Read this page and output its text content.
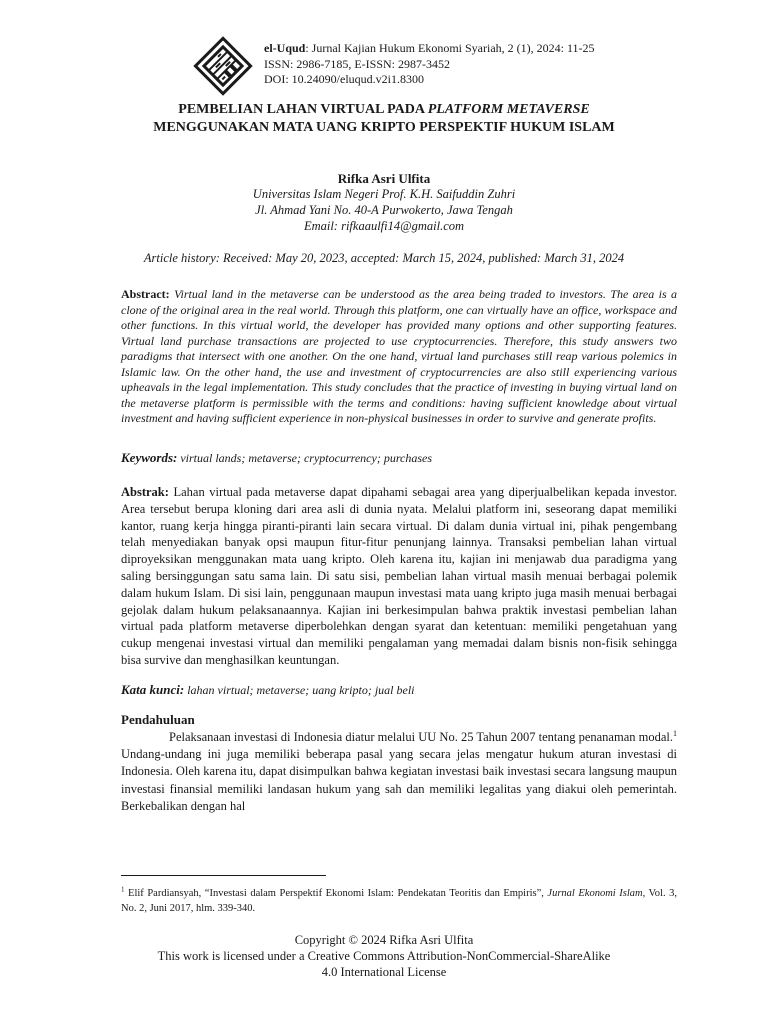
el-Uqud: Jurnal Kajian Hukum Ekonomi Syariah, 2 (1), 2024: 11-25
ISSN: 2986-7185, E-ISSN: 2987-3452
DOI: 10.24090/eluqud.v2i1.8300
PEMBELIAN LAHAN VIRTUAL PADA PLATFORM METAVERSE
MENGGUNAKAN MATA UANG KRIPTO PERSPEKTIF HUKUM ISLAM
Rifka Asri Ulfita
Universitas Islam Negeri Prof. K.H. Saifuddin Zuhri
Jl. Ahmad Yani No. 40-A Purwokerto, Jawa Tengah
Email: rifkaaulfi14@gmail.com
Article history: Received: May 20, 2023, accepted: March 15, 2024, published: March 31, 2024
Abstract: Virtual land in the metaverse can be understood as the area being traded to investors. The area is a clone of the original area in the real world. Through this platform, one can virtually have an office, workspace and other functions. In this virtual world, the developer has provided many options and other supporting features. Virtual land purchase transactions are projected to use cryptocurrencies. Therefore, this study answers two paradigms that intersect with one another. On the one hand, virtual land purchases still reap various polemics in Islamic law. On the other hand, the use and investment of cryptocurrencies are also still experiencing various upheavals in the legal implementation. This study concludes that the practice of investing in buying virtual land on the metaverse platform is permissible with the terms and conditions: having sufficient knowledge about virtual investment and having sufficient experience in non-physical businesses in order to survive and generate profits.
Keywords: virtual lands; metaverse; cryptocurrency; purchases
Abstrak: Lahan virtual pada metaverse dapat dipahami sebagai area yang diperjualbelikan kepada investor. Area tersebut berupa kloning dari area asli di dunia nyata. Melalui platform ini, seseorang dapat memiliki kantor, ruang kerja hingga piranti-piranti lain secara virtual. Di dalam dunia virtual ini, pihak pengembang telah menyediakan banyak opsi maupun fitur-fitur penunjang lainnya. Transaksi pembelian lahan virtual diproyeksikan menggunakan mata uang kripto. Oleh karena itu, kajian ini menjawab dua paradigma yang saling bersinggungan satu sama lain. Di satu sisi, pembelian lahan virtual masih menuai berbagai polemik dalam hukum Islam. Di sisi lain, penggunaan maupun investasi mata uang kripto juga masih menuai berbagai gejolak dalam hukum pelaksanaannya. Kajian ini berkesimpulan bahwa praktik investasi pembelian lahan virtual pada platform metaverse diperbolehkan dengan syarat dan ketentuan: memiliki pengetahuan yang cukup mengenai investasi virtual dan memiliki pengalaman yang memadai dalam bisnis non-fisik sehingga bisa survive dan menghasilkan keuntungan.
Kata kunci: lahan virtual; metaverse; uang kripto; jual beli
Pendahuluan
Pelaksanaan investasi di Indonesia diatur melalui UU No. 25 Tahun 2007 tentang penanaman modal.$^1$ Undang-undang ini juga memiliki beberapa pasal yang secara jelas mengatur hukum aturan investasi di Indonesia. Oleh karena itu, dapat disimpulkan bahwa kegiatan investasi baik investasi secara langsung maupun investasi finansial memiliki landasan hukum yang sah dan memiliki legalitas yang diakui oleh pemerintah. Berkebalikan dengan hal
$^1$ Elif Pardiansyah, “Investasi dalam Perspektif Ekonomi Islam: Pendekatan Teoritis dan Empiris”, Jurnal Ekonomi Islam, Vol. 3, No. 2, Juni 2017, hlm. 339-340.
Copyright © 2024 Rifka Asri Ulfita
This work is licensed under a Creative Commons Attribution-NonCommercial-ShareAlike
4.0 International License
